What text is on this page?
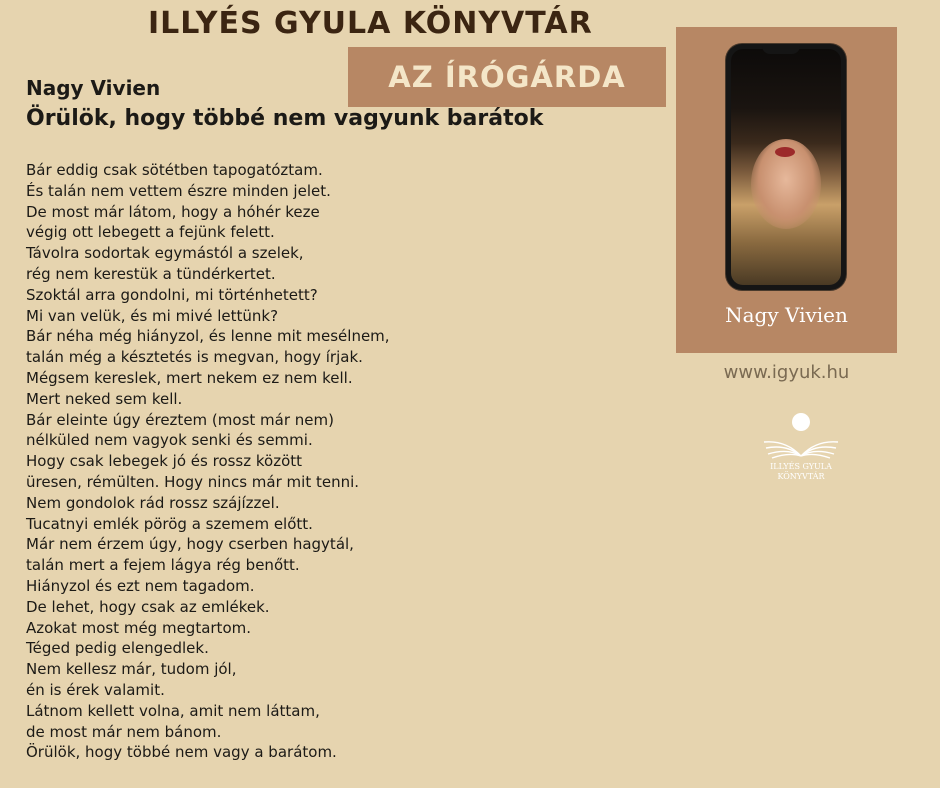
ILLYÉS GYULA KÖNYVTÁR
AZ ÍRÓGÁRDA
Nagy Vivien
Örülök, hogy többé nem vagyunk barátok
Bár eddig csak sötétben tapogatóztam.
És talán nem vettem észre minden jelet.
De most már látom, hogy a hóhér keze
végig ott lebegett a fejünk felett.
Távolra sodortak egymástól a szelek,
rég nem kerestük a tündérkertet.
Szoktál arra gondolni, mi történhetett?
Mi van velük, és mi mivé lettünk?
Bár néha még hiányzol, és lenne mit mesélnem,
talán még a késztetés is megvan, hogy írjak.
Mégsem kereslek, mert nekem ez nem kell.
Mert neked sem kell.
Bár eleinte úgy éreztem (most már nem)
nélküled nem vagyok senki és semmi.
Hogy csak lebegek jó és rossz között
üresen, rémülten. Hogy nincs már mit tenni.
Nem gondolok rád rossz szájízzel.
Tucatnyi emlék pörög a szemem előtt.
Már nem érzem úgy, hogy cserben hagytál,
talán mert a fejem lágya rég benőtt.
Hiányzol és ezt nem tagadom.
De lehet, hogy csak az emlékek.
Azokat most még megtartom.
Téged pedig elengedlek.
Nem kellesz már, tudom jól,
én is érek valamit.
Látnom kellett volna, amit nem láttam,
de most már nem bánom.
Örülök, hogy többé nem vagy a barátom.
Nagy Vivien
www.igyuk.hu
ILLYÉS GYULA
KÖNYVTÁR
